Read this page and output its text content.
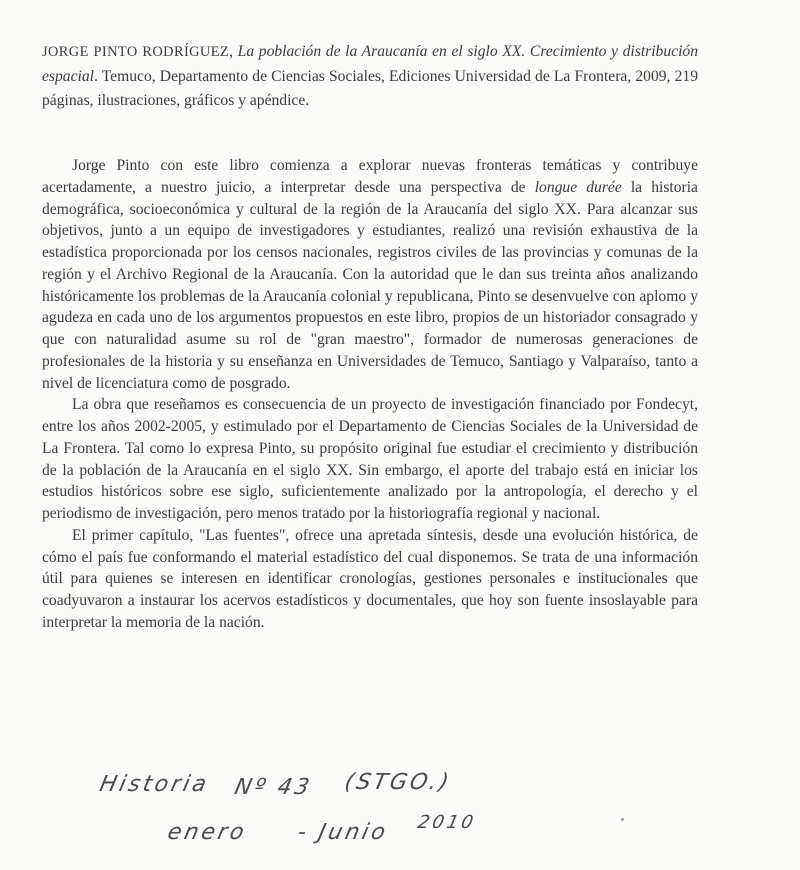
JORGE PINTO RODRÍGUEZ, La población de la Araucanía en el siglo XX. Crecimiento y distribución espacial. Temuco, Departamento de Ciencias Sociales, Ediciones Universidad de La Frontera, 2009, 219 páginas, ilustraciones, gráficos y apéndice.

Jorge Pinto con este libro comienza a explorar nuevas fronteras temáticas y contribuye acertadamente, a nuestro juicio, a interpretar desde una perspectiva de longue durée la historia demográfica, socioeconómica y cultural de la región de la Araucanía del siglo XX. Para alcanzar sus objetivos, junto a un equipo de investigadores y estudiantes, realizó una revisión exhaustiva de la estadística proporcionada por los censos nacionales, registros civiles de las provincias y comunas de la región y el Archivo Regional de la Araucanía. Con la autoridad que le dan sus treinta años analizando históricamente los problemas de la Araucanía colonial y republicana, Pinto se desenvuelve con aplomo y agudeza en cada uno de los argumentos propuestos en este libro, propios de un historiador consagrado y que con naturalidad asume su rol de "gran maestro", formador de numerosas generaciones de profesionales de la historia y su enseñanza en Universidades de Temuco, Santiago y Valparaíso, tanto a nivel de licenciatura como de posgrado.

La obra que reseñamos es consecuencia de un proyecto de investigación financiado por Fondecyt, entre los años 2002-2005, y estimulado por el Departamento de Ciencias Sociales de la Universidad de La Frontera. Tal como lo expresa Pinto, su propósito original fue estudiar el crecimiento y distribución de la población de la Araucanía en el siglo XX. Sin embargo, el aporte del trabajo está en iniciar los estudios históricos sobre ese siglo, suficientemente analizado por la antropología, el derecho y el periodismo de investigación, pero menos tratado por la historiografía regional y nacional.

El primer capítulo, "Las fuentes", ofrece una apretada síntesis, desde una evolución histórica, de cómo el país fue conformando el material estadístico del cual disponemos. Se trata de una información útil para quienes se interesen en identificar cronologías, gestiones personales e institucionales que coadyuvaron a instaurar los acervos estadísticos y documentales, que hoy son fuente insoslayable para interpretar la memoria de la nación.

Historia Nº 43 (STGO.)
enero - Junio 2010
